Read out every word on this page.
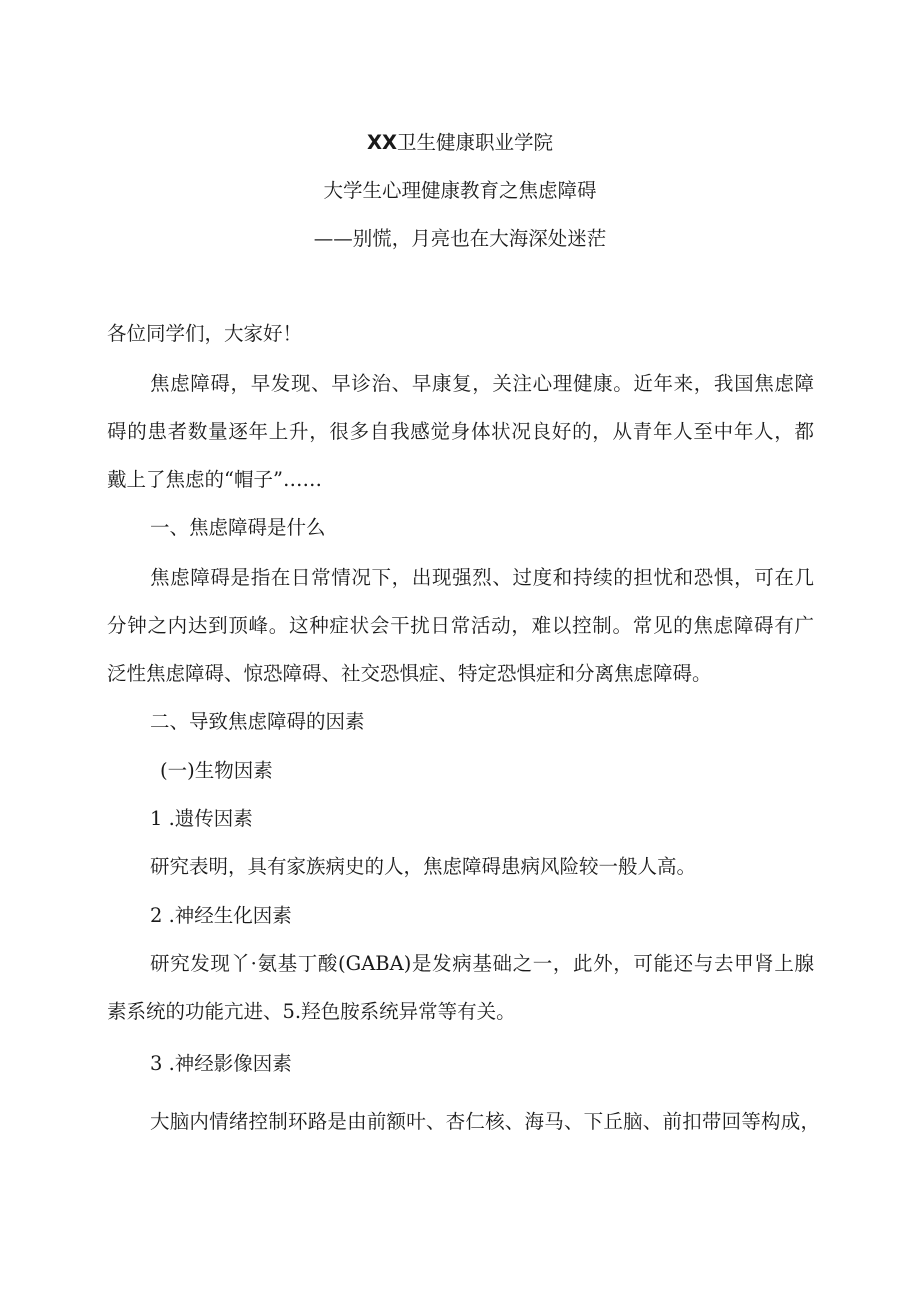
XX卫生健康职业学院

大学生心理健康教育之焦虑障碍

——别慌，月亮也在大海深处迷茫

各位同学们，大家好！

焦虑障碍，早发现、早诊治、早康复，关注心理健康。近年来，我国焦虑障

碍的患者数量逐年上升，很多自我感觉身体状况良好的，从青年人至中年人，都

戴上了焦虑的“帽子”……

一、焦虑障碍是什么

焦虑障碍是指在日常情况下，出现强烈、过度和持续的担忧和恐惧，可在几

分钟之内达到顶峰。这种症状会干扰日常活动，难以控制。常见的焦虑障碍有广

泛性焦虑障碍、惊恐障碍、社交恐惧症、特定恐惧症和分离焦虑障碍。

二、导致焦虑障碍的因素

(一)生物因素

1 .遗传因素

研究表明，具有家族病史的人，焦虑障碍患病风险较一般人高。

2 .神经生化因素

研究发现丫·氨基丁酸(GABA)是发病基础之一，此外，可能还与去甲肾上腺

素系统的功能亢进、5.羟色胺系统异常等有关。

3 .神经影像因素

大脑内情绪控制环路是由前额叶、杏仁核、海马、下丘脑、前扣带回等构成，
